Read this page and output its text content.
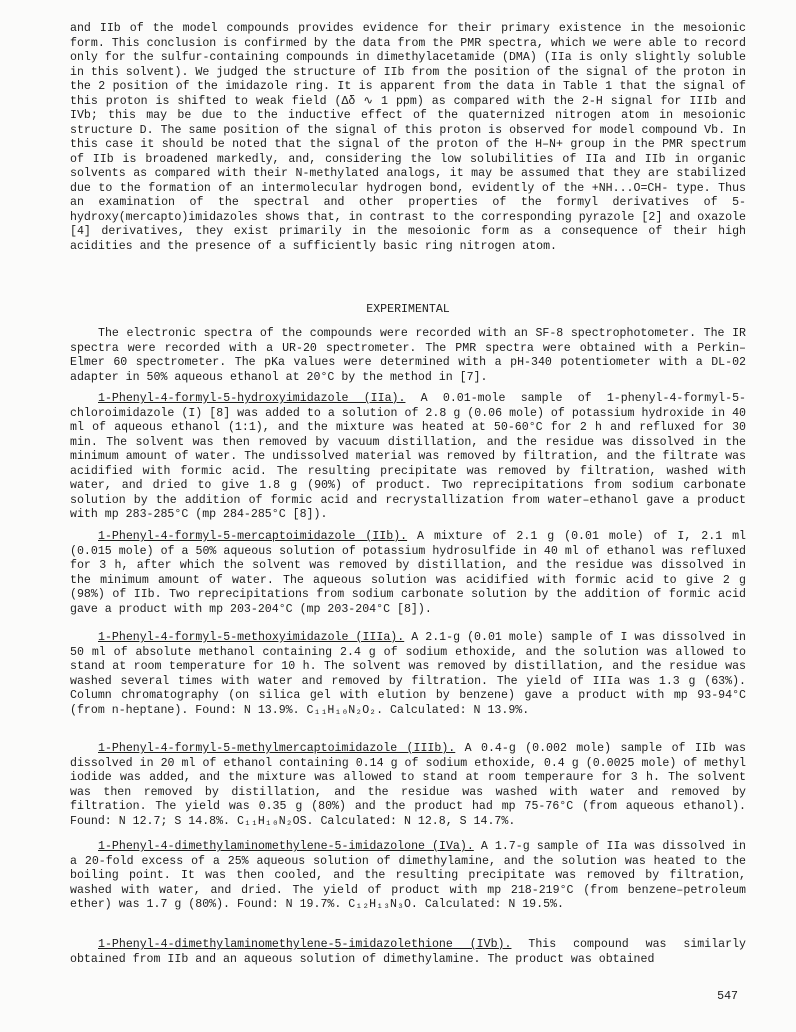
and IIb of the model compounds provides evidence for their primary existence in the mesoionic form. This conclusion is confirmed by the data from the PMR spectra, which we were able to record only for the sulfur-containing compounds in dimethylacetamide (DMA) (IIa is only slightly soluble in this solvent). We judged the structure of IIb from the position of the signal of the proton in the 2 position of the imidazole ring. It is apparent from the data in Table 1 that the signal of this proton is shifted to weak field (Δδ ∿ 1 ppm) as compared with the 2-H signal for IIIb and IVb; this may be due to the inductive effect of the quaternized nitrogen atom in mesoionic structure D. The same position of the signal of this proton is observed for model compound Vb. In this case it should be noted that the signal of the proton of the H–N+ group in the PMR spectrum of IIb is broadened markedly, and, considering the low solubilities of IIa and IIb in organic solvents as compared with their N-methylated analogs, it may be assumed that they are stabilized due to the formation of an intermolecular hydrogen bond, evidently of the +NH...O=CH- type. Thus an examination of the spectral and other properties of the formyl derivatives of 5-hydroxy(mercapto)imidazoles shows that, in contrast to the corresponding pyrazole [2] and oxazole [4] derivatives, they exist primarily in the mesoionic form as a consequence of their high acidities and the presence of a sufficiently basic ring nitrogen atom.

EXPERIMENTAL

The electronic spectra of the compounds were recorded with an SF-8 spectrophotometer. The IR spectra were recorded with a UR-20 spectrometer. The PMR spectra were obtained with a Perkin–Elmer 60 spectrometer. The pKa values were determined with a pH-340 potentiometer with a DL-02 adapter in 50% aqueous ethanol at 20°C by the method in [7].

1-Phenyl-4-formyl-5-hydroxyimidazole (IIa). A 0.01-mole sample of 1-phenyl-4-formyl-5-chloroimidazole (I) [8] was added to a solution of 2.8 g (0.06 mole) of potassium hydroxide in 40 ml of aqueous ethanol (1:1), and the mixture was heated at 50-60°C for 2 h and refluxed for 30 min. The solvent was then removed by vacuum distillation, and the residue was dissolved in the minimum amount of water. The undissolved material was removed by filtration, and the filtrate was acidified with formic acid. The resulting precipitate was removed by filtration, washed with water, and dried to give 1.8 g (90%) of product. Two reprecipitations from sodium carbonate solution by the addition of formic acid and recrystallization from water–ethanol gave a product with mp 283-285°C (mp 284-285°C [8]).

1-Phenyl-4-formyl-5-mercaptoimidazole (IIb). A mixture of 2.1 g (0.01 mole) of I, 2.1 ml (0.015 mole) of a 50% aqueous solution of potassium hydrosulfide in 40 ml of ethanol was refluxed for 3 h, after which the solvent was removed by distillation, and the residue was dissolved in the minimum amount of water. The aqueous solution was acidified with formic acid to give 2 g (98%) of IIb. Two reprecipitations from sodium carbonate solution by the addition of formic acid gave a product with mp 203-204°C (mp 203-204°C [8]).

1-Phenyl-4-formyl-5-methoxyimidazole (IIIa). A 2.1-g (0.01 mole) sample of I was dissolved in 50 ml of absolute methanol containing 2.4 g of sodium ethoxide, and the solution was allowed to stand at room temperature for 10 h. The solvent was removed by distillation, and the residue was washed several times with water and removed by filtration. The yield of IIIa was 1.3 g (63%). Column chromatography (on silica gel with elution by benzene) gave a product with mp 93-94°C (from n-heptane). Found: N 13.9%. C₁₁H₁₀N₂O₂. Calculated: N 13.9%.

1-Phenyl-4-formyl-5-methylmercaptoimidazole (IIIb). A 0.4-g (0.002 mole) sample of IIb was dissolved in 20 ml of ethanol containing 0.14 g of sodium ethoxide, 0.4 g (0.0025 mole) of methyl iodide was added, and the mixture was allowed to stand at room temperaure for 3 h. The solvent was then removed by distillation, and the residue was washed with water and removed by filtration. The yield was 0.35 g (80%) and the product had mp 75-76°C (from aqueous ethanol). Found: N 12.7; S 14.8%. C₁₁H₁₀N₂OS. Calculated: N 12.8, S 14.7%.

1-Phenyl-4-dimethylaminomethylene-5-imidazolone (IVa). A 1.7-g sample of IIa was dissolved in a 20-fold excess of a 25% aqueous solution of dimethylamine, and the solution was heated to the boiling point. It was then cooled, and the resulting precipitate was removed by filtration, washed with water, and dried. The yield of product with mp 218-219°C (from benzene–petroleum ether) was 1.7 g (80%). Found: N 19.7%. C₁₂H₁₃N₃O. Calculated: N 19.5%.

1-Phenyl-4-dimethylaminomethylene-5-imidazolethione (IVb). This compound was similarly obtained from IIb and an aqueous solution of dimethylamine. The product was obtained

547
